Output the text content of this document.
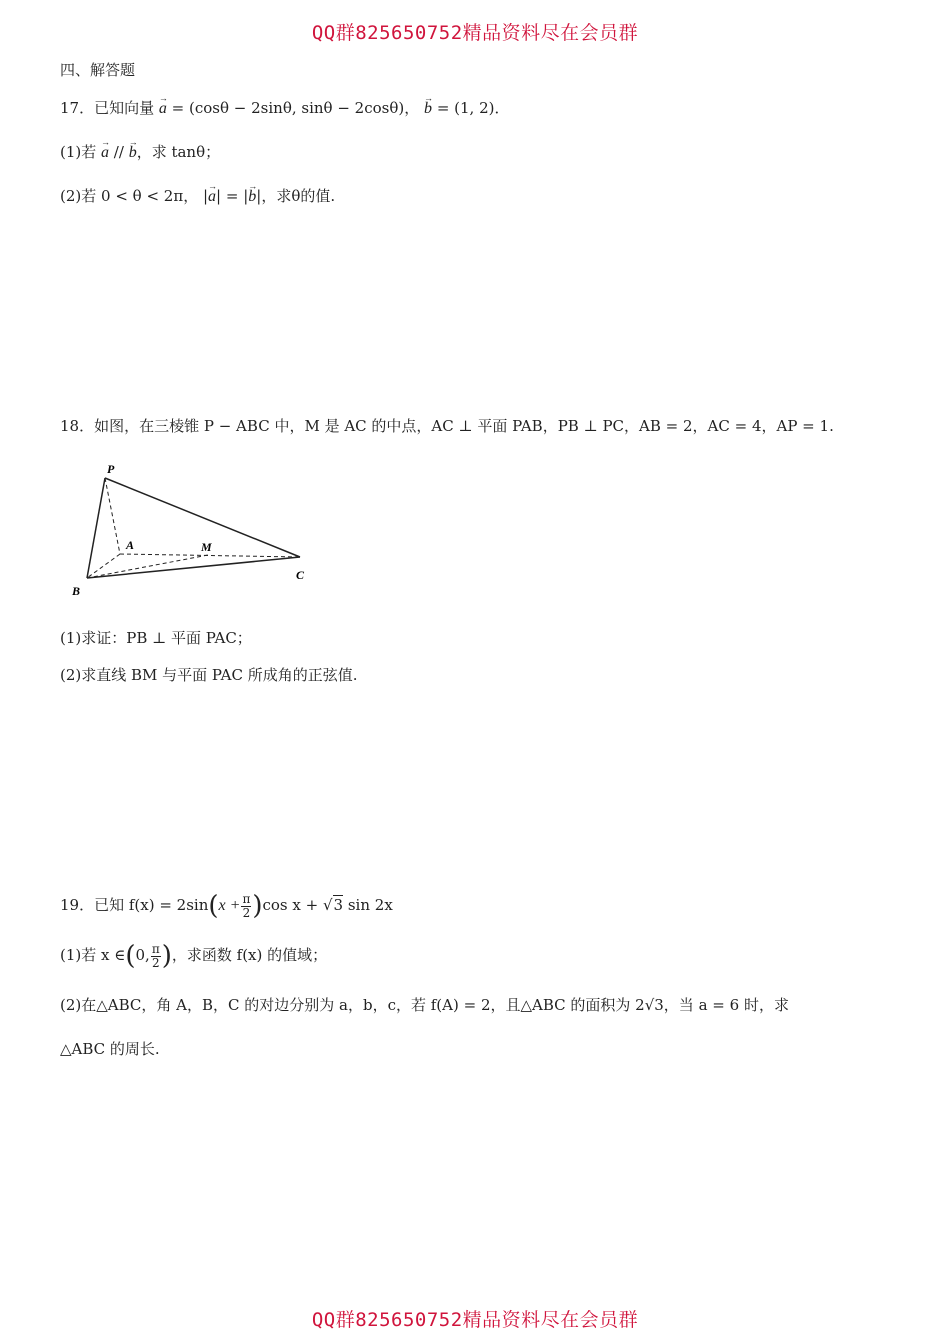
QQ群825650752精品资料尽在会员群
四、解答题
17．已知向量 → a = (cosθ − 2sinθ, sinθ − 2cosθ)， → b = (1, 2)．
(1)若 → a // → b，求 tanθ；
(2)若 0 < θ < 2π， |→ a| = |→ b|，求θ的值.
18．如图，在三棱锥 P − ABC 中，M 是 AC 的中点，AC ⊥ 平面 PAB，PB ⊥ PC，AB = 2，AC = 4，AP = 1.
P
A	M
B
C
(1)求证：PB ⊥ 平面 PAC；
(2)求直线 BM 与平面 PAC 所成角的正弦值.
19．已知 $f(x) = 2\sin(x + \frac{\pi}{2} )\cos$ x + √3 sin 2x
(1)若 x ∈(0, $\frac{\pi}{2}$ )，求函数 f(x) 的值域；
(2)在△ABC，角 A，B，C 的对边分别为 a，b，c，若 f(A) = 2，且△ABC 的面积为 2√3，当 a = 6 时，求
△ABC 的周长.
QQ群825650752精品资料尽在会员群
